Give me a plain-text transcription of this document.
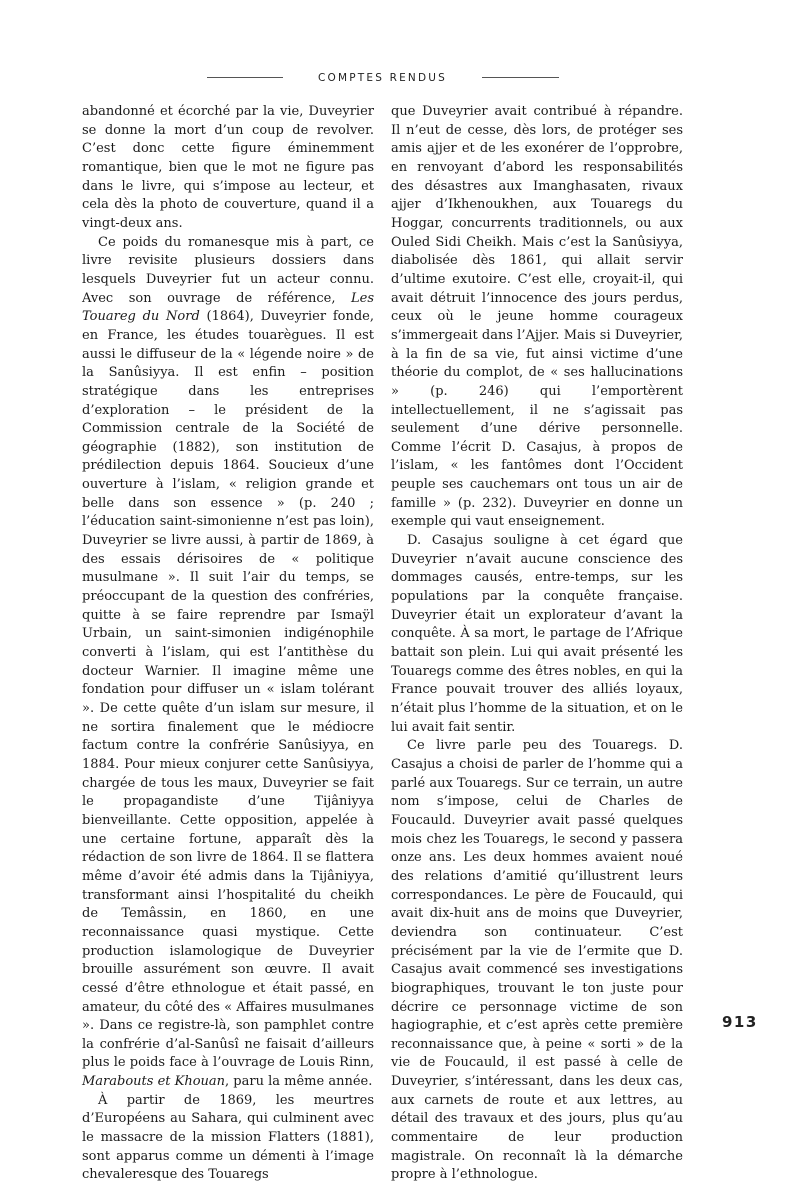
COMPTES RENDUS

abandonné et écorché par la vie, Duveyrier se donne la mort d’un coup de revolver. C’est donc cette figure éminemment romantique, bien que le mot ne figure pas dans le livre, qui s’impose au lecteur, et cela dès la photo de couverture, quand il a vingt-deux ans.

Ce poids du romanesque mis à part, ce livre revisite plusieurs dossiers dans lesquels Duveyrier fut un acteur connu. Avec son ouvrage de référence, Les Touareg du Nord (1864), Duveyrier fonde, en France, les études touarègues. Il est aussi le diffuseur de la « légende noire » de la Sanûsiyya. Il est enfin – position stratégique dans les entreprises d’exploration – le président de la Commission centrale de la Société de géographie (1882), son institution de prédilection depuis 1864. Soucieux d’une ouverture à l’islam, « religion grande et belle dans son essence » (p. 240 ; l’éducation saint-simonienne n’est pas loin), Duveyrier se livre aussi, à partir de 1869, à des essais dérisoires de « politique musulmane ». Il suit l’air du temps, se préoccupant de la question des confréries, quitte à se faire reprendre par Ismaÿl Urbain, un saint-simonien indigénophile converti à l’islam, qui est l’antithèse du docteur Warnier. Il imagine même une fondation pour diffuser un « islam tolérant ». De cette quête d’un islam sur mesure, il ne sortira finalement que le médiocre factum contre la confrérie Sanûsiyya, en 1884. Pour mieux conjurer cette Sanûsiyya, chargée de tous les maux, Duveyrier se fait le propagandiste d’une Tijâniyya bienveillante. Cette opposition, appelée à une certaine fortune, apparaît dès la rédaction de son livre de 1864. Il se flattera même d’avoir été admis dans la Tijâniyya, transformant ainsi l’hospitalité du cheikh de Temâssin, en 1860, en une reconnaissance quasi mystique. Cette production islamologique de Duveyrier brouille assurément son œuvre. Il avait cessé d’être ethnologue et était passé, en amateur, du côté des « Affaires musulmanes ». Dans ce registre-là, son pamphlet contre la confrérie d’al-Sanûsî ne faisait d’ailleurs plus le poids face à l’ouvrage de Louis Rinn, Marabouts et Khouan, paru la même année.

À partir de 1869, les meurtres d’Européens au Sahara, qui culminent avec le massacre de la mission Flatters (1881), sont apparus comme un démenti à l’image chevaleresque des Touaregs

que Duveyrier avait contribué à répandre. Il n’eut de cesse, dès lors, de protéger ses amis ajjer et de les exonérer de l’opprobre, en renvoyant d’abord les responsabilités des désastres aux Imanghasaten, rivaux ajjer d’Ikhenoukhen, aux Touaregs du Hoggar, concurrents traditionnels, ou aux Ouled Sidi Cheikh. Mais c’est la Sanûsiyya, diabolisée dès 1861, qui allait servir d’ultime exutoire. C’est elle, croyait-il, qui avait détruit l’innocence des jours perdus, ceux où le jeune homme courageux s’immergeait dans l’Ajjer. Mais si Duveyrier, à la fin de sa vie, fut ainsi victime d’une théorie du complot, de « ses hallucinations » (p. 246) qui l’emportèrent intellectuellement, il ne s’agissait pas seulement d’une dérive personnelle. Comme l’écrit D. Casajus, à propos de l’islam, « les fantômes dont l’Occident peuple ses cauchemars ont tous un air de famille » (p. 232). Duveyrier en donne un exemple qui vaut enseignement.

D. Casajus souligne à cet égard que Duveyrier n’avait aucune conscience des dommages causés, entre-temps, sur les populations par la conquête française. Duveyrier était un explorateur d’avant la conquête. À sa mort, le partage de l’Afrique battait son plein. Lui qui avait présenté les Touaregs comme des êtres nobles, en qui la France pouvait trouver des alliés loyaux, n’était plus l’homme de la situation, et on le lui avait fait sentir.

Ce livre parle peu des Touaregs. D. Casajus a choisi de parler de l’homme qui a parlé aux Touaregs. Sur ce terrain, un autre nom s’impose, celui de Charles de Foucauld. Duveyrier avait passé quelques mois chez les Touaregs, le second y passera onze ans. Les deux hommes avaient noué des relations d’amitié qu’illustrent leurs correspondances. Le père de Foucauld, qui avait dix-huit ans de moins que Duveyrier, deviendra son continuateur. C’est précisément par la vie de l’ermite que D. Casajus avait commencé ses investigations biographiques, trouvant le ton juste pour décrire ce personnage victime de son hagiographie, et c’est après cette première reconnaissance que, à peine « sorti » de la vie de Foucauld, il est passé à celle de Duveyrier, s’intéressant, dans les deux cas, aux carnets de route et aux lettres, au détail des travaux et des jours, plus qu’au commentaire de leur production magistrale. On reconnaît là la démarche propre à l’ethnologue.

913
